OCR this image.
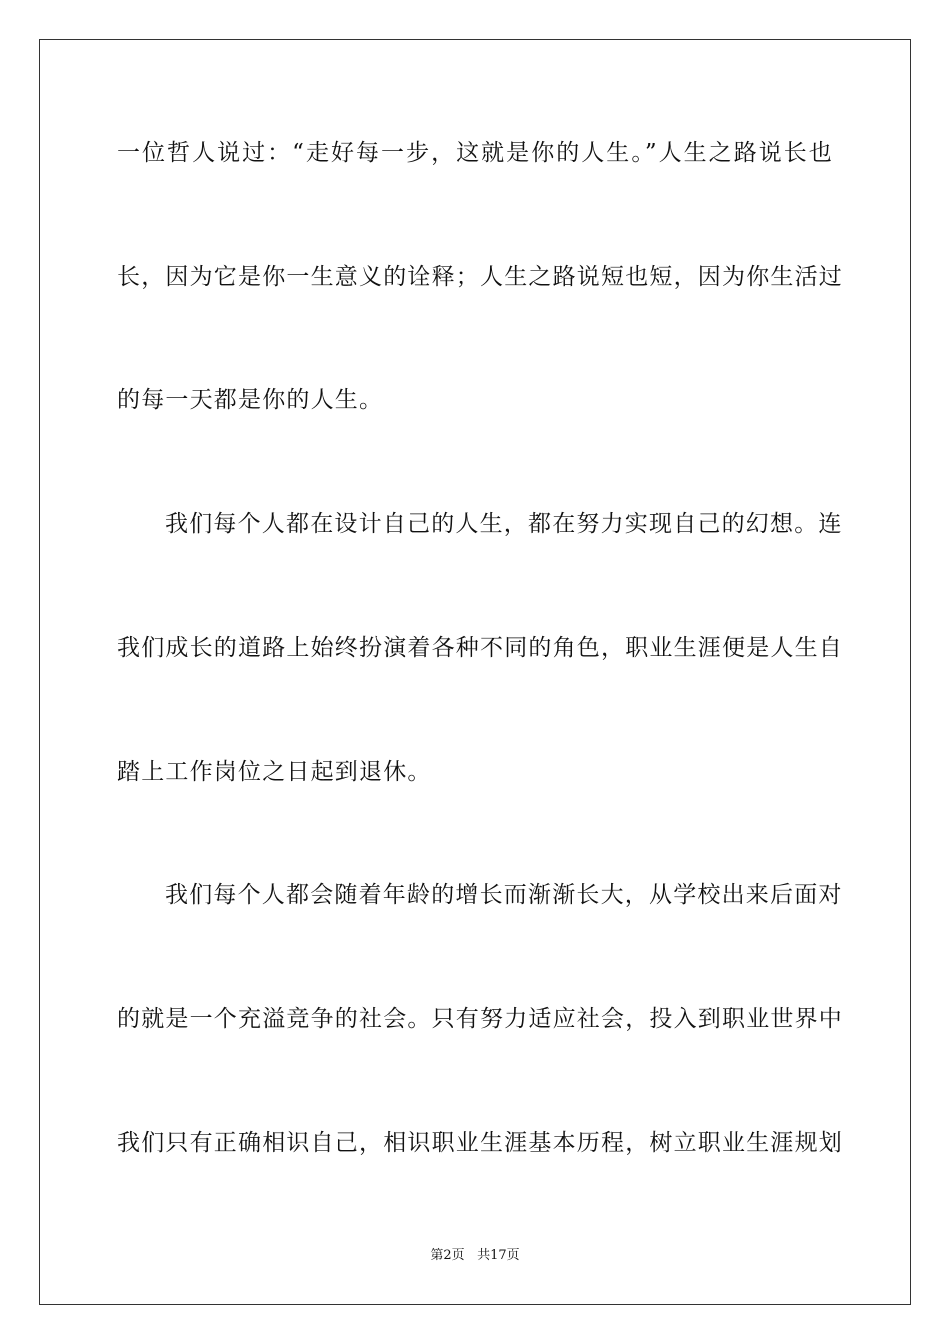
一位哲人说过：“走好每一步，这就是你的人生。”人生之路说长也
长，因为它是你一生意义的诠释；人生之路说短也短，因为你生活过
的每一天都是你的人生。
我们每个人都在设计自己的人生，都在努力实现自己的幻想。连
我们成长的道路上始终扮演着各种不同的角色，职业生涯便是人生自
踏上工作岗位之日起到退休。
我们每个人都会随着年龄的增长而渐渐长大，从学校出来后面对
的就是一个充溢竞争的社会。只有努力适应社会，投入到职业世界中
我们只有正确相识自己，相识职业生涯基本历程，树立职业生涯规划
第2页 共17页
